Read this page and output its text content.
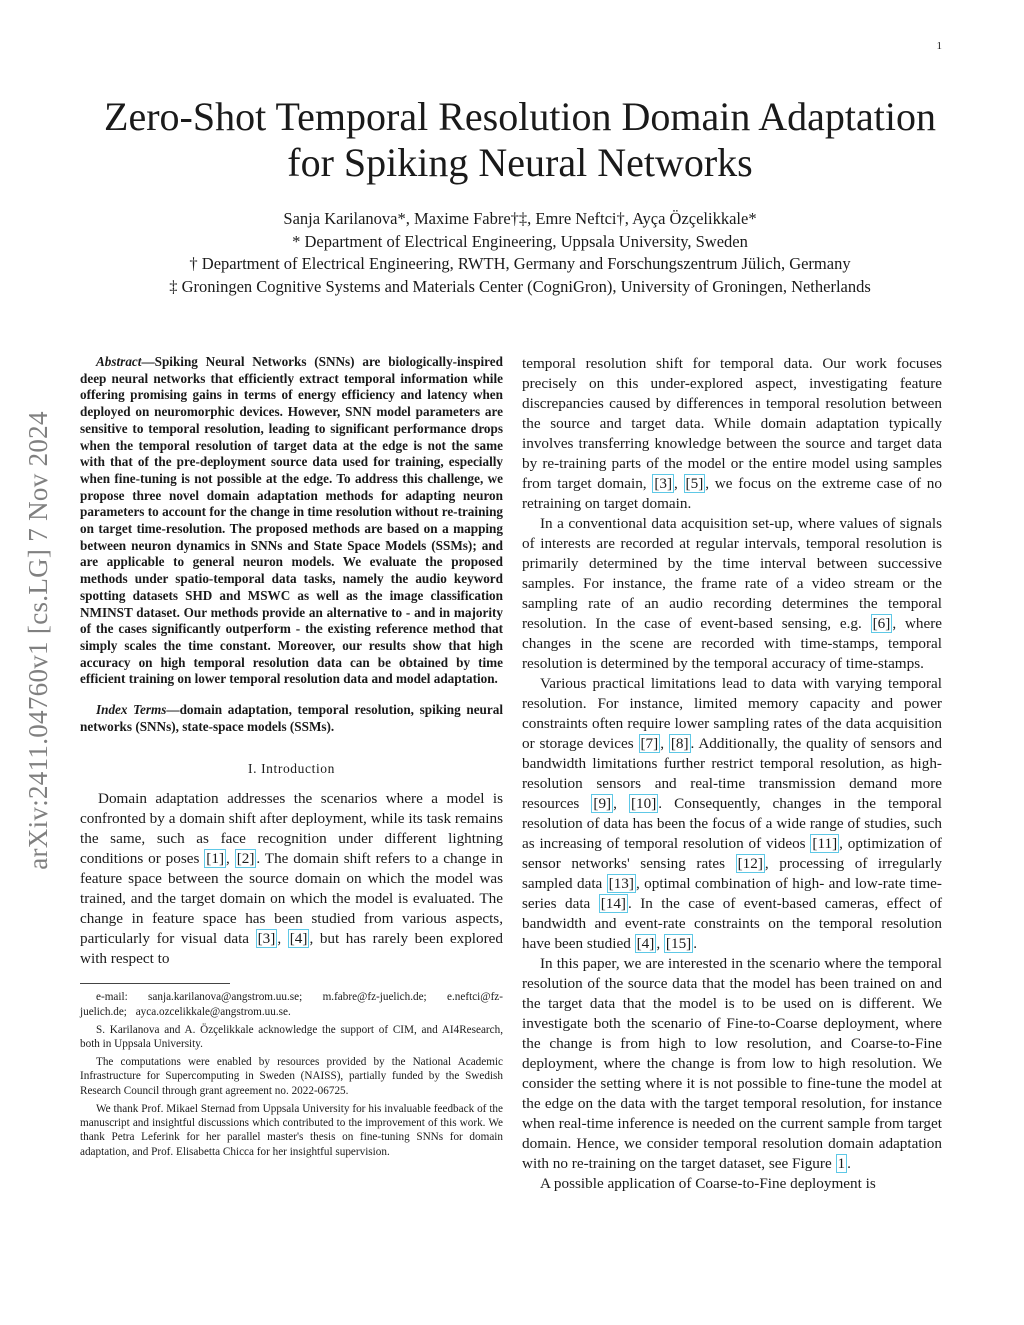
1
arXiv:2411.04760v1 [cs.LG] 7 Nov 2024
Zero-Shot Temporal Resolution Domain Adaptation
for Spiking Neural Networks
Sanja Karilanova*, Maxime Fabre†‡, Emre Neftci†, Ayça Özçelikkale*
* Department of Electrical Engineering, Uppsala University, Sweden
† Department of Electrical Engineering, RWTH, Germany and Forschungszentrum Jülich, Germany
‡ Groningen Cognitive Systems and Materials Center (CogniGron), University of Groningen, Netherlands

Abstract—Spiking Neural Networks (SNNs) are biologically-inspired deep neural networks that efficiently extract temporal information while offering promising gains in terms of energy efficiency and latency when deployed on neuromorphic devices. However, SNN model parameters are sensitive to temporal resolution, leading to significant performance drops when the temporal resolution of target data at the edge is not the same with that of the pre-deployment source data used for training, especially when fine-tuning is not possible at the edge. To address this challenge, we propose three novel domain adaptation methods for adapting neuron parameters to account for the change in time resolution without re-training on target time-resolution. The proposed methods are based on a mapping between neuron dynamics in SNNs and State Space Models (SSMs); and are applicable to general neuron models. We evaluate the proposed methods under spatio-temporal data tasks, namely the audio keyword spotting datasets SHD and MSWC as well as the image classification NMINST dataset. Our methods provide an alternative to - and in majority of the cases significantly outperform - the existing reference method that simply scales the time constant. Moreover, our results show that high accuracy on high temporal resolution data can be obtained by time efficient training on lower temporal resolution data and model adaptation.

Index Terms—domain adaptation, temporal resolution, spiking neural networks (SNNs), state-space models (SSMs).

I. Introduction

Domain adaptation addresses the scenarios where a model is confronted by a domain shift after deployment, while its task remains the same, such as face recognition under different lightning conditions or poses [1] , [2] . The domain shift refers to a change in feature space between the source domain on which the model was trained, and the target domain on which the model is evaluated. The change in feature space has been studied from various aspects, particularly for visual data [3] , [4] , but has rarely been explored with respect to

e-mail: sanja.karilanova@angstrom.uu.se; m.fabre@fz-juelich.de; e.neftci@fz-juelich.de; ayca.ozcelikkale@angstrom.uu.se.

S. Karilanova and A. Özçelikkale acknowledge the support of CIM, and AI4Research, both in Uppsala University.

The computations were enabled by resources provided by the National Academic Infrastructure for Supercomputing in Sweden (NAISS), partially funded by the Swedish Research Council through grant agreement no. 2022-06725.

We thank Prof. Mikael Sternad from Uppsala University for his invaluable feedback of the manuscript and insightful discussions which contributed to the improvement of this work. We thank Petra Leferink for her parallel master's thesis on fine-tuning SNNs for domain adaptation, and Prof. Elisabetta Chicca for her insightful supervision.

temporal resolution shift for temporal data. Our work focuses precisely on this under-explored aspect, investigating feature discrepancies caused by differences in temporal resolution between the source and target data. While domain adaptation typically involves transferring knowledge between the source and target data by re-training parts of the model or the entire model using samples from target domain, [3] , [5] , we focus on the extreme case of no retraining on target domain.

In a conventional data acquisition set-up, where values of signals of interests are recorded at regular intervals, temporal resolution is primarily determined by the time interval between successive samples. For instance, the frame rate of a video stream or the sampling rate of an audio recording determines the temporal resolution. In the case of event-based sensing, e.g. [6] , where changes in the scene are recorded with time-stamps, temporal resolution is determined by the temporal accuracy of time-stamps.

Various practical limitations lead to data with varying temporal resolution. For instance, limited memory capacity and power constraints often require lower sampling rates of the data acquisition or storage devices [7] , [8] . Additionally, the quality of sensors and bandwidth limitations further restrict temporal resolution, as high-resolution sensors and real-time transmission demand more resources [9] , [10] . Consequently, changes in the temporal resolution of data has been the focus of a wide range of studies, such as increasing of temporal resolution of videos [11] , optimization of sensor networks' sensing rates [12] , processing of irregularly sampled data [13] , optimal combination of high- and low-rate time-series data [14] . In the case of event-based cameras, effect of bandwidth and event-rate constraints on the temporal resolution have been studied [4] , [15] .

In this paper, we are interested in the scenario where the temporal resolution of the source data that the model has been trained on and the target data that the model is to be used on is different. We investigate both the scenario of Fine-to-Coarse deployment, where the change is from high to low resolution, and Coarse-to-Fine deployment, where the change is from low to high resolution. We consider the setting where it is not possible to fine-tune the model at the edge on the data with the target temporal resolution, for instance when real-time inference is needed on the current sample from target domain. Hence, we consider temporal resolution domain adaptation with no re-training on the target dataset, see Figure 1 .

A possible application of Coarse-to-Fine deployment is
